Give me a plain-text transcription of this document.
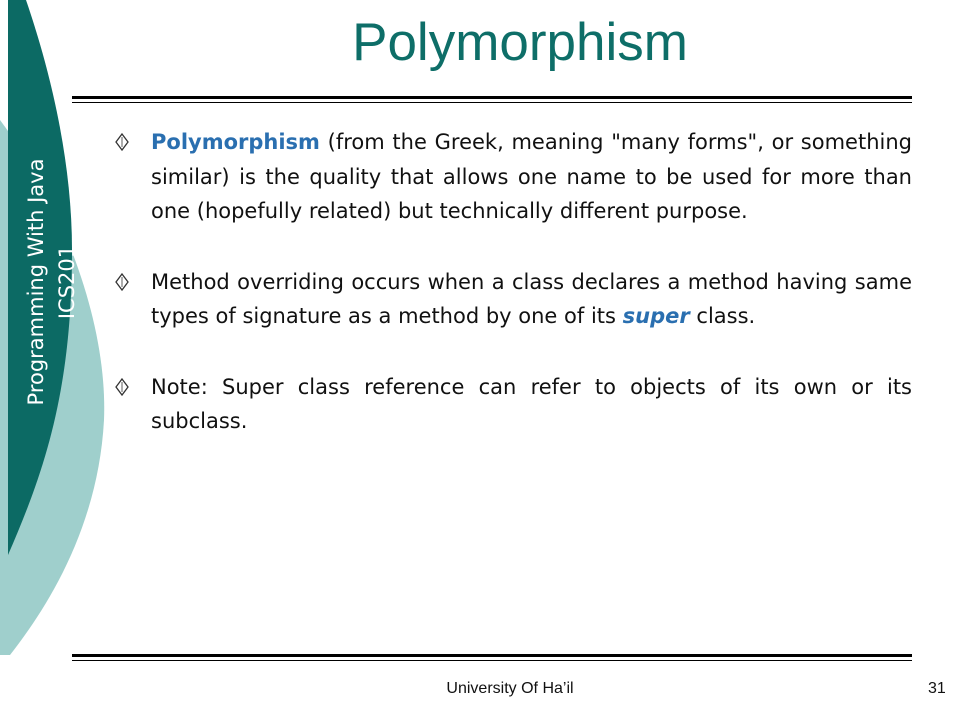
Programming With Java ICS201
Polymorphism
Polymorphism (from the Greek, meaning "many forms", or something similar) is the quality that allows one name to be used for more than one (hopefully related) but technically different purpose.
Method overriding occurs when a class declares a method having same types of signature as a method by one of its super class.
Note: Super class reference can refer to objects of its own or its subclass.
University Of Ha’il	31
